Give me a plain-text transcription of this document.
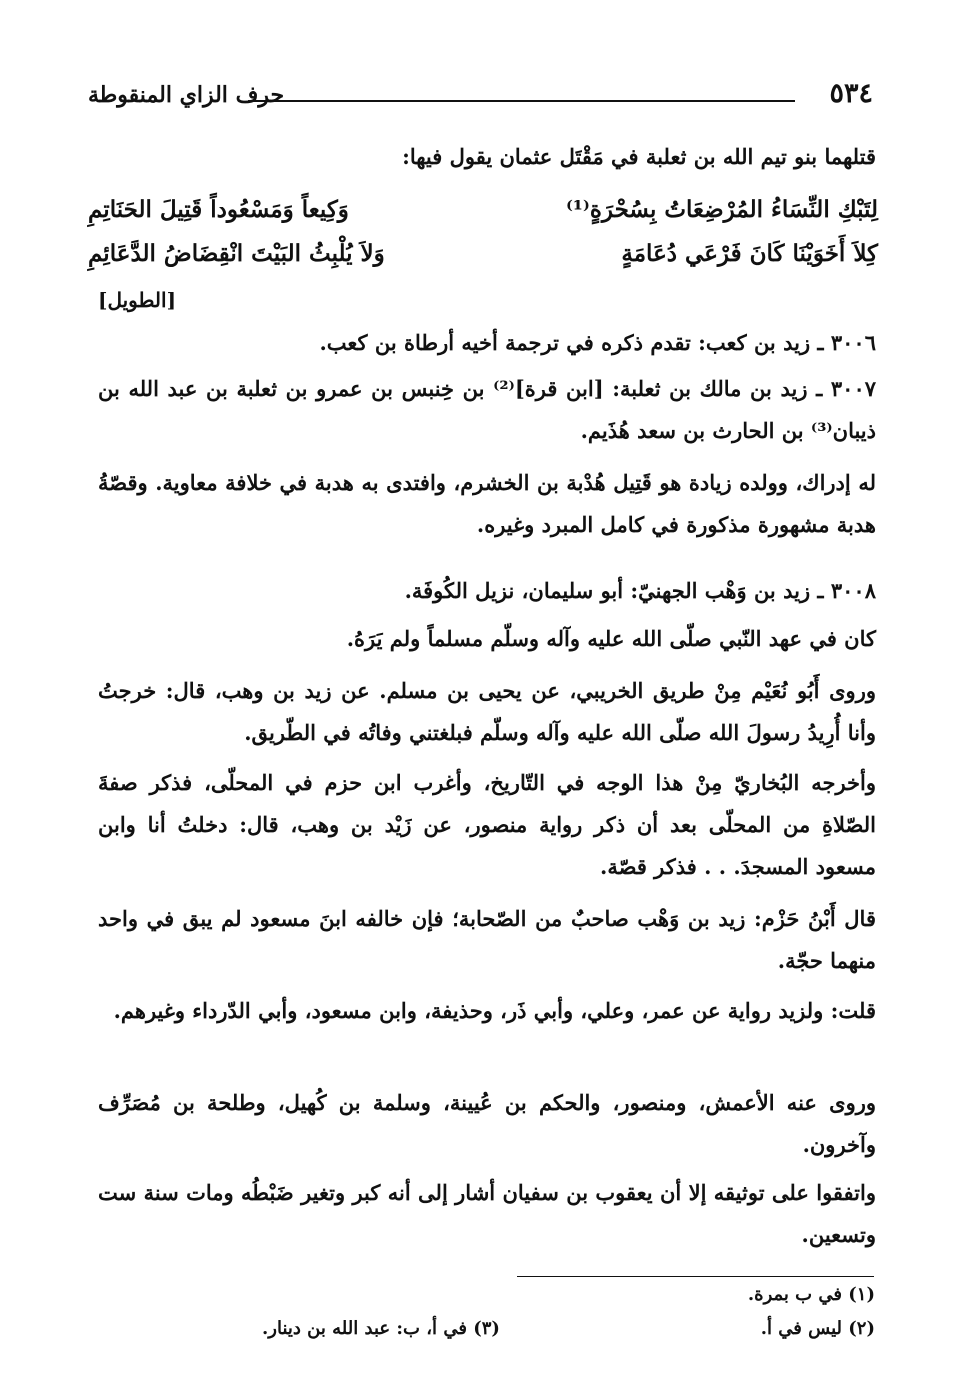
٥٣٤
حرف الزاي المنقوطة

قتلهما بنو تيم الله بن ثعلبة في مَقْتَل عثمان يقول فيها:

لِتَبْكِ النِّسَاءُ المُرْضِعَاتُ بِسُحْرَةٍ⁽¹⁾
وَكِيعاً وَمَسْعُوداً قَتِيلَ الحَنَاتِمِ
كِلاَ أَخَوَيْنَا كَانَ فَرْعَي دُعَامَةٍ
وَلاَ يُلْبِثُ البَيْتَ انْقِضَاضُ الدَّعَائِمِ
[الطويل]

٣٠٠٦ ـ زيد بن كعب: تقدم ذكره في ترجمة أخيه أرطاة بن كعب.

٣٠٠٧ ـ زيد بن مالك بن ثعلبة: [ابن قرة]⁽²⁾ بن خِنبس بن عمرو بن ثعلبة بن عبد الله بن ذيبان⁽³⁾ بن الحارث بن سعد هُذَيم.

له إدراك، وولده زيادة هو قَتِيل هُدْبة بن الخشرم، وافتدى به هدبة في خلافة معاوية. وقصّةُ هدبة مشهورة مذكورة في كامل المبرد وغيره.

٣٠٠٨ ـ زيد بن وَهْب الجهنيّ: أبو سليمان، نزيل الكُوفَة.

كان في عهد النّبي صلّى الله عليه وآله وسلّم مسلماً ولم يَرَهُ.

وروى أَبُو نُعَيْم مِنْ طريق الخريبي، عن يحيى بن مسلم. عن زيد بن وهب، قال: خرجتُ وأنا أُرِيدُ رسولَ الله صلّى الله عليه وآله وسلّم فبلغتني وفاتُه في الطّريق.

وأخرجه البُخاريّ مِنْ هذا الوجه في التّاريخ، وأغرب ابن حزم في المحلّى، فذكر صفةَ الصّلاةِ من المحلّى بعد أن ذكر رواية منصور، عن زَيْد بن وهب، قال: دخلتُ أنا وابن مسعود المسجدَ. . . فذكر قصّة.

قال أَبْنُ حَزْم: زيد بن وَهْب صاحبٌ من الصّحابة؛ فإن خالفه ابنَ مسعود لم يبق في واحد منهما حجّة.

قلت: ولزيد رواية عن عمر، وعلي، وأبي ذَر، وحذيفة، وابن مسعود، وأبي الدّرداء وغيرهم.

وروى عنه الأعمش، ومنصور، والحكم بن عُيينة، وسلمة بن كُهيل، وطلحة بن مُصَرِّف وآخرون.

واتفقوا على توثيقه إلا أن يعقوب بن سفيان أشار إلى أنه كبر وتغير ضَبْطُه ومات سنة ست وتسعين.

(١) في ب بمرة.
(٢) ليس في أ.
(٣) في أ، ب: عبد الله بن دينار.
